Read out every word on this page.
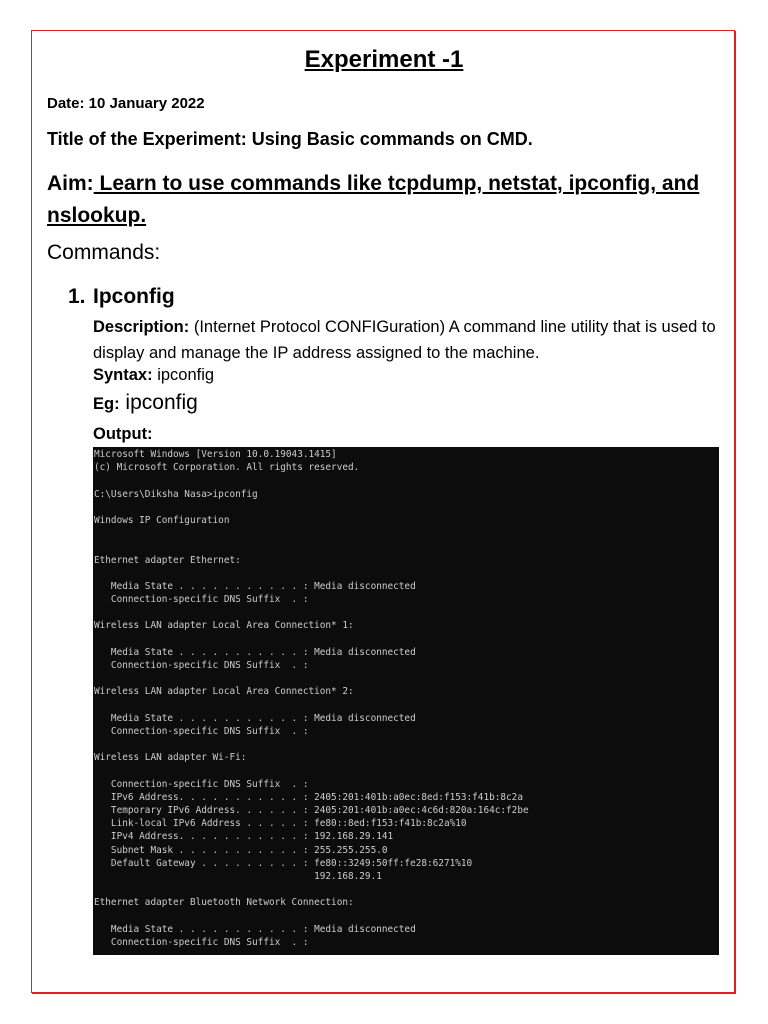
Experiment -1
Date: 10 January 2022
Title of the Experiment: Using Basic commands on CMD.
Aim: Learn to use commands like tcpdump, netstat, ipconfig, and nslookup.
Commands:
1. Ipconfig
Description: (Internet Protocol CONFIGuration) A command line utility that is used to display and manage the IP address assigned to the machine.
Syntax: ipconfig
Eg: ipconfig
Output:
Microsoft Windows [Version 10.0.19043.1415]
(c) Microsoft Corporation. All rights reserved.
C:\Users\Diksha Nasa>ipconfig
Windows IP Configuration
Ethernet adapter Ethernet:
Media State . . . . . . . . . . . : Media disconnected
Connection-specific DNS Suffix  . :
Wireless LAN adapter Local Area Connection* 1:
Media State . . . . . . . . . . . : Media disconnected
Connection-specific DNS Suffix  . :
Wireless LAN adapter Local Area Connection* 2:
Media State . . . . . . . . . . . : Media disconnected
Connection-specific DNS Suffix  . :
Wireless LAN adapter Wi-Fi:
Connection-specific DNS Suffix  . :
IPv6 Address. . . . . . . . . . . : 2405:201:401b:a0ec:8ed:f153:f41b:8c2a
Temporary IPv6 Address. . . . . . : 2405:201:401b:a0ec:4c6d:820a:164c:f2be
Link-local IPv6 Address . . . . . : fe80::8ed:f153:f41b:8c2a%10
IPv4 Address. . . . . . . . . . . : 192.168.29.141
Subnet Mask . . . . . . . . . . . : 255.255.255.0
Default Gateway . . . . . . . . . : fe80::3249:50ff:fe28:6271%10
192.168.29.1
Ethernet adapter Bluetooth Network Connection:
Media State . . . . . . . . . . . : Media disconnected
Connection-specific DNS Suffix  . :
